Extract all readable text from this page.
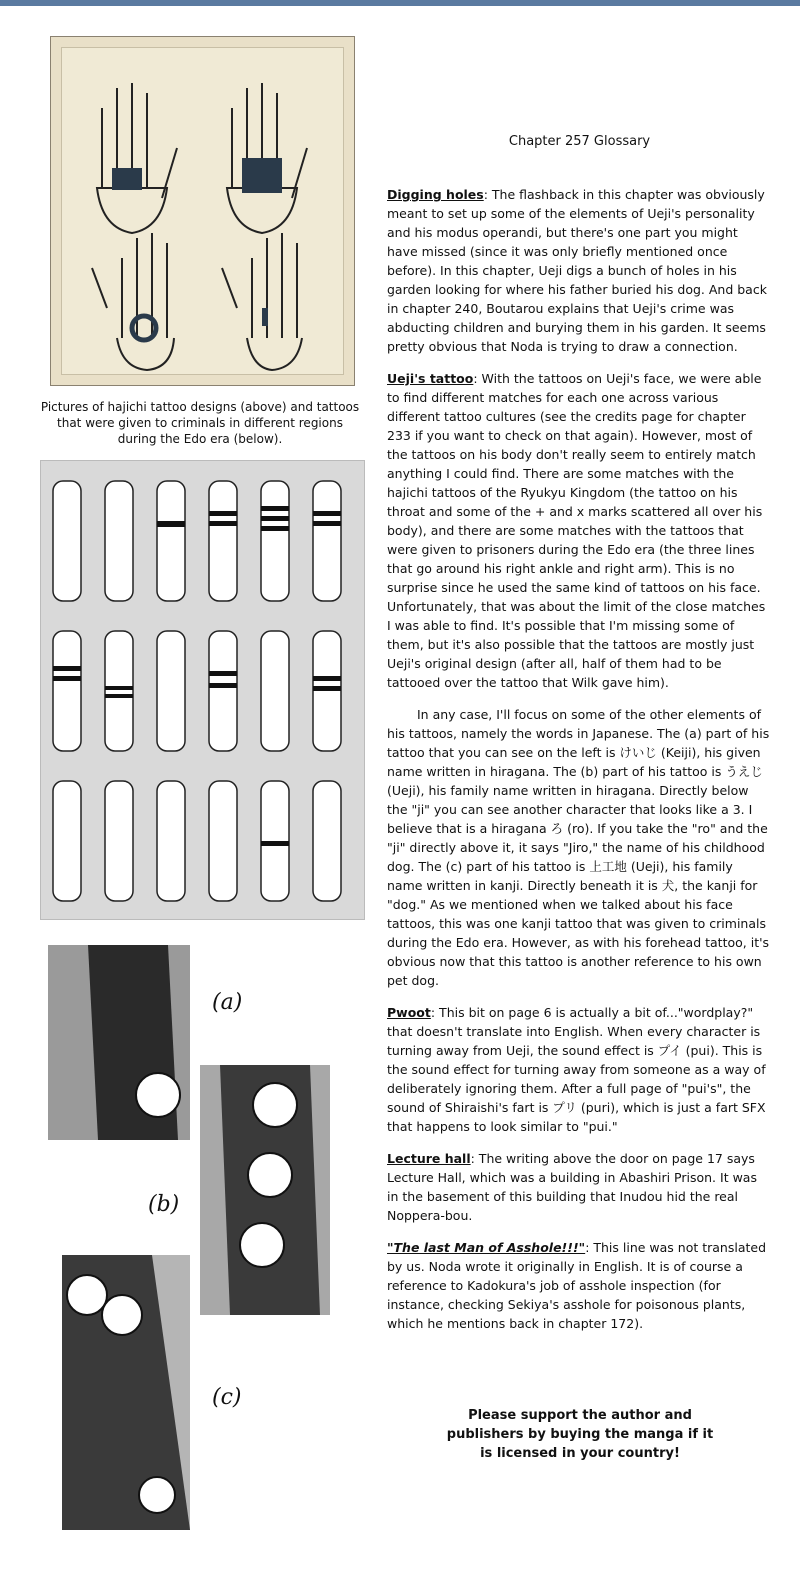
Pictures of hajichi tattoo designs (above) and tattoos that were given to criminals in different regions during the Edo era (below).
(a)
(b)
(c)
Chapter 257 Glossary

Digging holes: The flashback in this chapter was obviously meant to set up some of the elements of Ueji's personality and his modus operandi, but there's one part you might have missed (since it was only briefly mentioned once before). In this chapter, Ueji digs a bunch of holes in his garden looking for where his father buried his dog. And back in chapter 240, Boutarou explains that Ueji's crime was abducting children and burying them in his garden. It seems pretty obvious that Noda is trying to draw a connection.

Ueji's tattoo: With the tattoos on Ueji's face, we were able to find different matches for each one across various different tattoo cultures (see the credits page for chapter 233 if you want to check on that again). However, most of the tattoos on his body don't really seem to entirely match anything I could find. There are some matches with the hajichi tattoos of the Ryukyu Kingdom (the tattoo on his throat and some of the + and x marks scattered all over his body), and there are some matches with the tattoos that were given to prisoners during the Edo era (the three lines that go around his right ankle and right arm). This is no surprise since he used the same kind of tattoos on his face. Unfortunately, that was about the limit of the close matches I was able to find. It's possible that I'm missing some of them, but it's also possible that the tattoos are mostly just Ueji's original design (after all, half of them had to be tattooed over the tattoo that Wilk gave him).

In any case, I'll focus on some of the other elements of his tattoos, namely the words in Japanese. The (a) part of his tattoo that you can see on the left is けいじ (Keiji), his given name written in hiragana. The (b) part of his tattoo is うえじ (Ueji), his family name written in hiragana. Directly below the "ji" you can see another character that looks like a 3. I believe that is a hiragana ろ (ro). If you take the "ro" and the "ji" directly above it, it says "Jiro," the name of his childhood dog. The (c) part of his tattoo is 上工地 (Ueji), his family name written in kanji. Directly beneath it is 犬, the kanji for "dog." As we mentioned when we talked about his face tattoos, this was one kanji tattoo that was given to criminals during the Edo era. However, as with his forehead tattoo, it's obvious now that this tattoo is another reference to his own pet dog.

Pwoot: This bit on page 6 is actually a bit of..."wordplay?" that doesn't translate into English. When every character is turning away from Ueji, the sound effect is プイ (pui). This is the sound effect for turning away from someone as a way of deliberately ignoring them. After a full page of "pui's", the sound of Shiraishi's fart is プリ (puri), which is just a fart SFX that happens to look similar to "pui."

Lecture hall: The writing above the door on page 17 says Lecture Hall, which was a building in Abashiri Prison. It was in the basement of this building that Inudou hid the real Noppera-bou.

"The last Man of Asshole!!!": This line was not translated by us. Noda wrote it originally in English. It is of course a reference to Kadokura's job of asshole inspection (for instance, checking Sekiya's asshole for poisonous plants, which he mentions back in chapter 172).

Please support the author and publishers by buying the manga if it is licensed in your country!
